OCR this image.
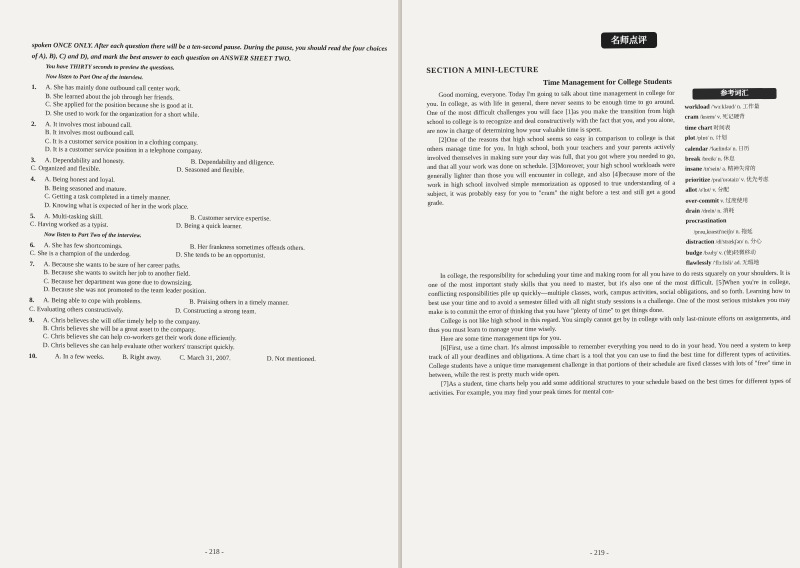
spoken ONCE ONLY. After each question there will be a ten-second pause. During the pause, you should read the four choices of A), B), C) and D), and mark the best answer to each question on ANSWER SHEET TWO.

You have THIRTY seconds to preview the questions.

Now listen to Part One of the interview.

1.	A. She has mainly done outbound call center work.
B. She learned about the job through her friends.
C. She applied for the position because she is good at it.
D. She used to work for the organization for a short while.
2.	A. It involves most inbound call.
B. It involves most outbound call.
C. It is a customer service position in a clothing company.
D. It is a customer service position in a telephone company.
3.	A. Dependability and honesty.	B. Dependability and diligence.
C. Organized and flexible.	D. Seasoned and flexible.
4.	A. Being honest and loyal.
B. Being seasoned and mature.
C. Getting a task completed in a timely manner.
D. Knowing what is expected of her in the work place.
5.	A. Multi-tasking skill.	B. Customer service expertise.
C. Having worked as a typist.	D. Being a quick learner.

Now listen to Part Two of the interview.

6.	A. She has few shortcomings.	B. Her frankness sometimes offends others.
C. She is a champion of the underdog.	D. She tends to be an opportunist.
7.	A. Because she wants to be sure of her career paths.
B. Because she wants to switch her job to another field.
C. Because her department was gone due to downsizing.
D. Because she was not promoted to the team leader position.
8.	A. Being able to cope with problems.	B. Praising others in a timely manner.
C. Evaluating others constructively.	D. Constructing a strong team.
9.	A. Chris believes she will offer timely help to the company.
B. Chris believes she will be a great asset to the company.
C. Chris believes she can help co-workers get their work done efficiently.
D. Chris believes she can help evaluate other workers' transcript quickly.
10.	A. In a few weeks.	B. Right away.	C. March 31, 2007.	D. Not mentioned.
- 218 -
名师点评
SECTION A MINI-LECTURE
Time Management for College Students

Good morning, everyone. Today I'm going to talk about time management in college for you. In college, as with life in general, there never seems to be enough time to go around. One of the most difficult challenges you will face [1]as you make the transition from high school to college is to recognize and deal constructively with the fact that you, and you alone, are now in charge of determining how your valuable time is spent.

[2]One of the reasons that high school seems so easy in comparison to college is that others manage time for you. In high school, both your teachers and your parents actively involved themselves in making sure your day was full, that you got where you needed to go, and that all your work was done on schedule. [3]Moreover, your high school workloads were generally lighter than those you will encounter in college, and also [4]because more of the work in high school involved simple memorization as opposed to true understanding of a subject, it was probably easy for you to "cram" the night before a test and still get a good grade.

参考词汇
workload /'wɜːkləud/ n. 工作量
cram /kræm/ v. 死记硬背
time chart 时间表
plot /plɒt/ n. 计划
calendar /'kælində/ n. 日历
break /breik/ n. 休息
insane /in'sein/ a. 精神失常的
prioritize /prai'ɒrətaiz/ v. 优先考虑
allot /ə'lɒt/ v. 分配
over-commit v. 过度使用
drain /drein/ n. 消耗
procrastination
/prəu,kræsti'neiʃn/ n. 拖延
distraction /di'strækʃən/ n. 分心
budge /bʌdʒ/ v. (使)轻微移动
flawlessly /'flɔːlisli/ ad. 无瑕地

In college, the responsibility for scheduling your time and making room for all you have to do rests squarely on your shoulders. It is one of the most important study skills that you need to master, but it's also one of the most difficult. [5]When you're in college, conflicting responsibilities pile up quickly—multiple classes, work, campus activities, social obligations, and so forth. Learning how to best use your time and to avoid a semester filled with all night study sessions is a challenge. One of the most serious mistakes you may make is to commit the error of thinking that you have "plenty of time" to get things done.

College is not like high school in this regard. You simply cannot get by in college with only last-minute efforts on assignments, and thus you must learn to manage your time wisely.

Here are some time management tips for you.

[6]First, use a time chart. It's almost impossible to remember everything you need to do in your head. You need a system to keep track of all your deadlines and obligations. A time chart is a tool that you can use to find the best time for different types of activities. College students have a unique time management challenge in that portions of their schedule are fixed classes with lots of "free" time in between, while the rest is pretty much wide open.

[7]As a student, time charts help you add some additional structures to your schedule based on the best times for different types of activities. For example, you may find your peak times for mental con-

- 219 -
